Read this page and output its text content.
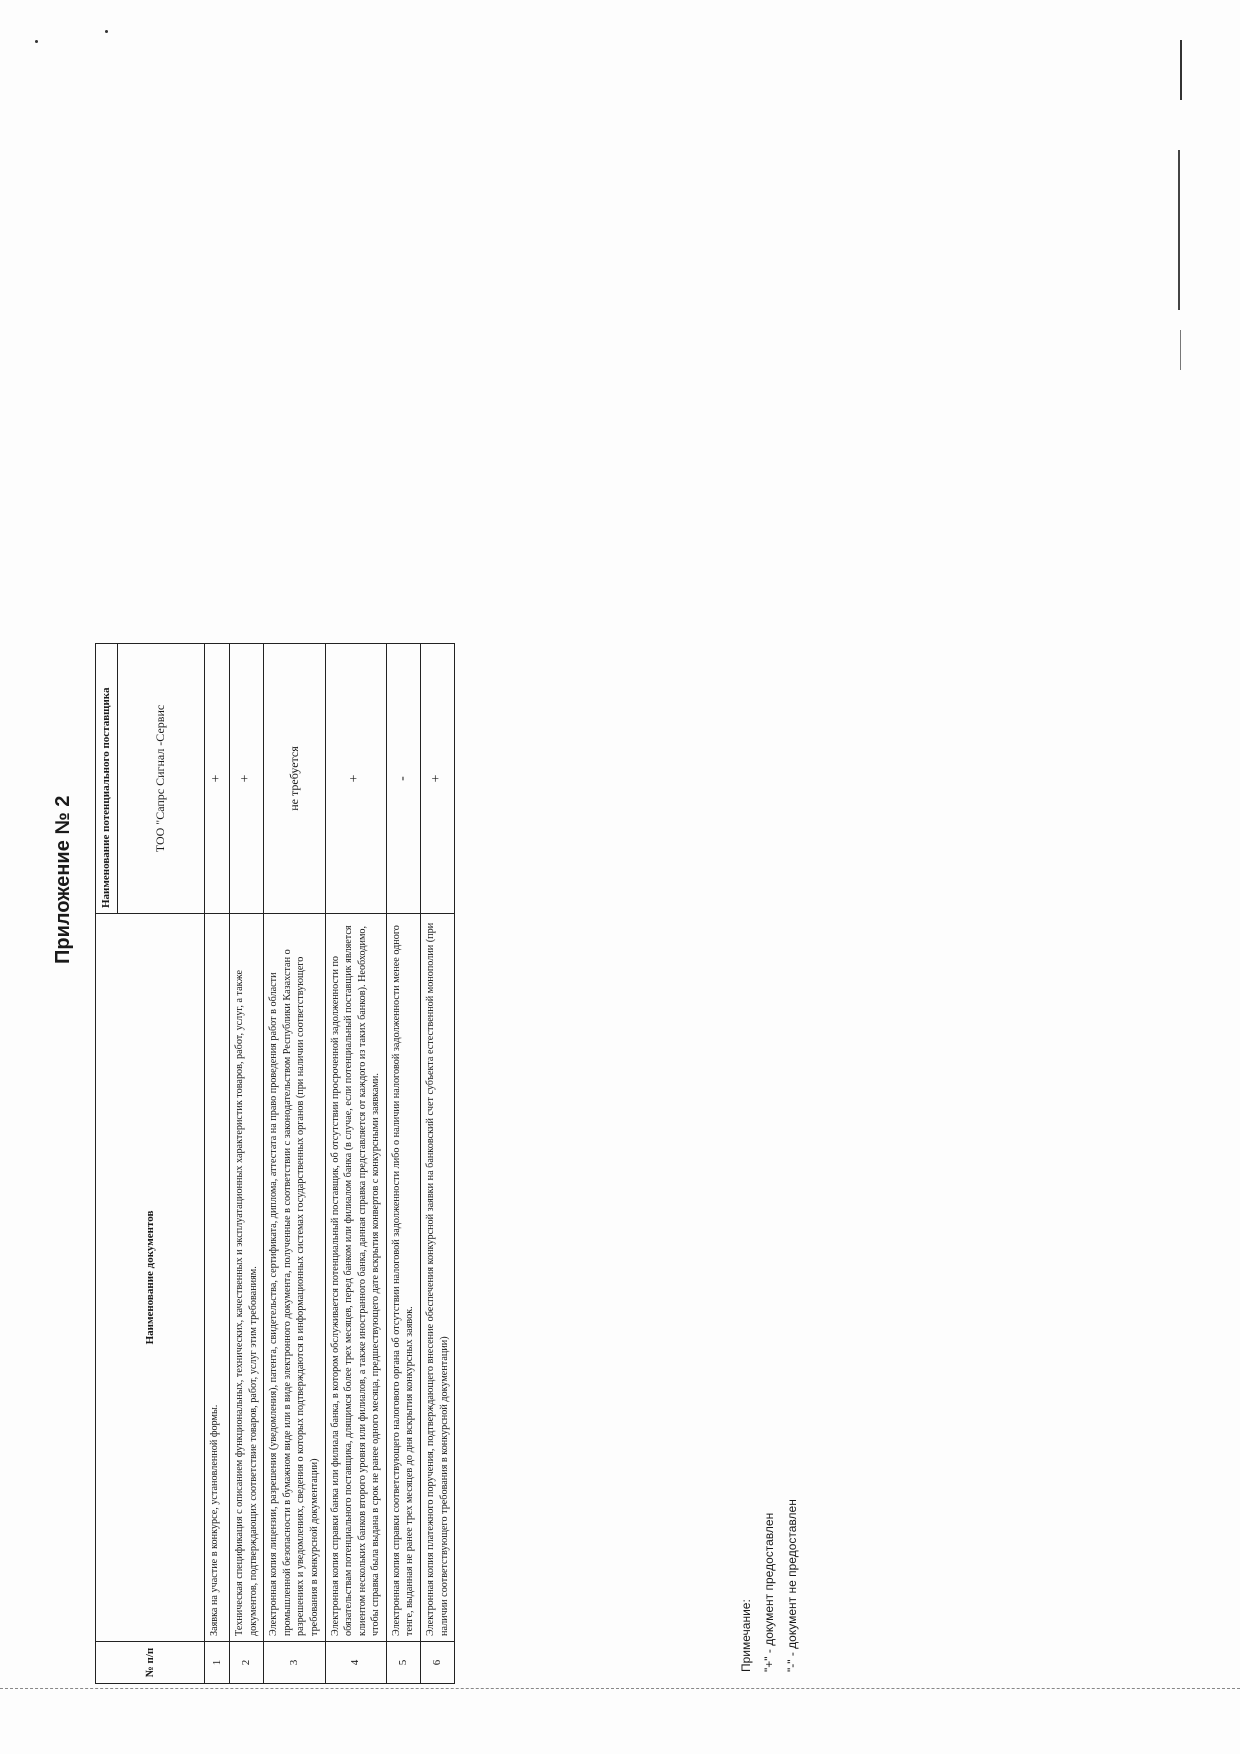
Приложение № 2
№ п/п	Наименование документов	Наименование потенциального поставщика
		ТОО "Сапрс Сигнал -Сервис
1	Заявка на участие в конкурсе, установленной формы.	+
2	Техническая спецификация с описанием функциональных, технических, качественных и эксплуатационных характеристик товаров, работ, услуг, а также документов, подтверждающих соответствие товаров, работ, услуг этим требованиям.	+
3	Электронная копия лицензии, разрешения (уведомления), патента, свидетельства, сертификата, диплома, аттестата на право проведения работ в области промышленной безопасности в бумажном виде или в виде электронного документа, полученные в соответствии с законодательством Республики Казахстан о разрешениях и уведомлениях, сведения о которых подтверждаются в информационных системах государственных органов (при наличии соответствующего требования в конкурсной документации)	не требуется
4	Электронная копия справки банка или филиала банка, в котором обслуживается потенциальный поставщик, об отсутствии просроченной задолженности по обязательствам потенциального поставщика, длящимся более трех месяцев, перед банком или филиалом банка (в случае, если потенциальный поставщик является клиентом нескольких банков второго уровня или филиалов, а также иностранного банка, данная справка представляется от каждого из таких банков). Необходимо, чтобы справка была выдана в срок не ранее одного месяца, предшествующего дате вскрытия конвертов с конкурсными заявками.	+
5	Электронная копия справки соответствующего налогового органа об отсутствии налоговой задолженности либо о наличии налоговой задолженности менее одного тенге, выданная не ранее трех месяцев до дня вскрытия конкурсных заявок.	-
6	Электронная копия платежного поручения, подтверждающего внесение обеспечения конкурсной заявки на банковский счет субъекта естественной монополии (при наличии соответствующего требования в конкурсной документации)	+
Примечание: "+" - документ предоставлен "-" - документ не предоставлен
